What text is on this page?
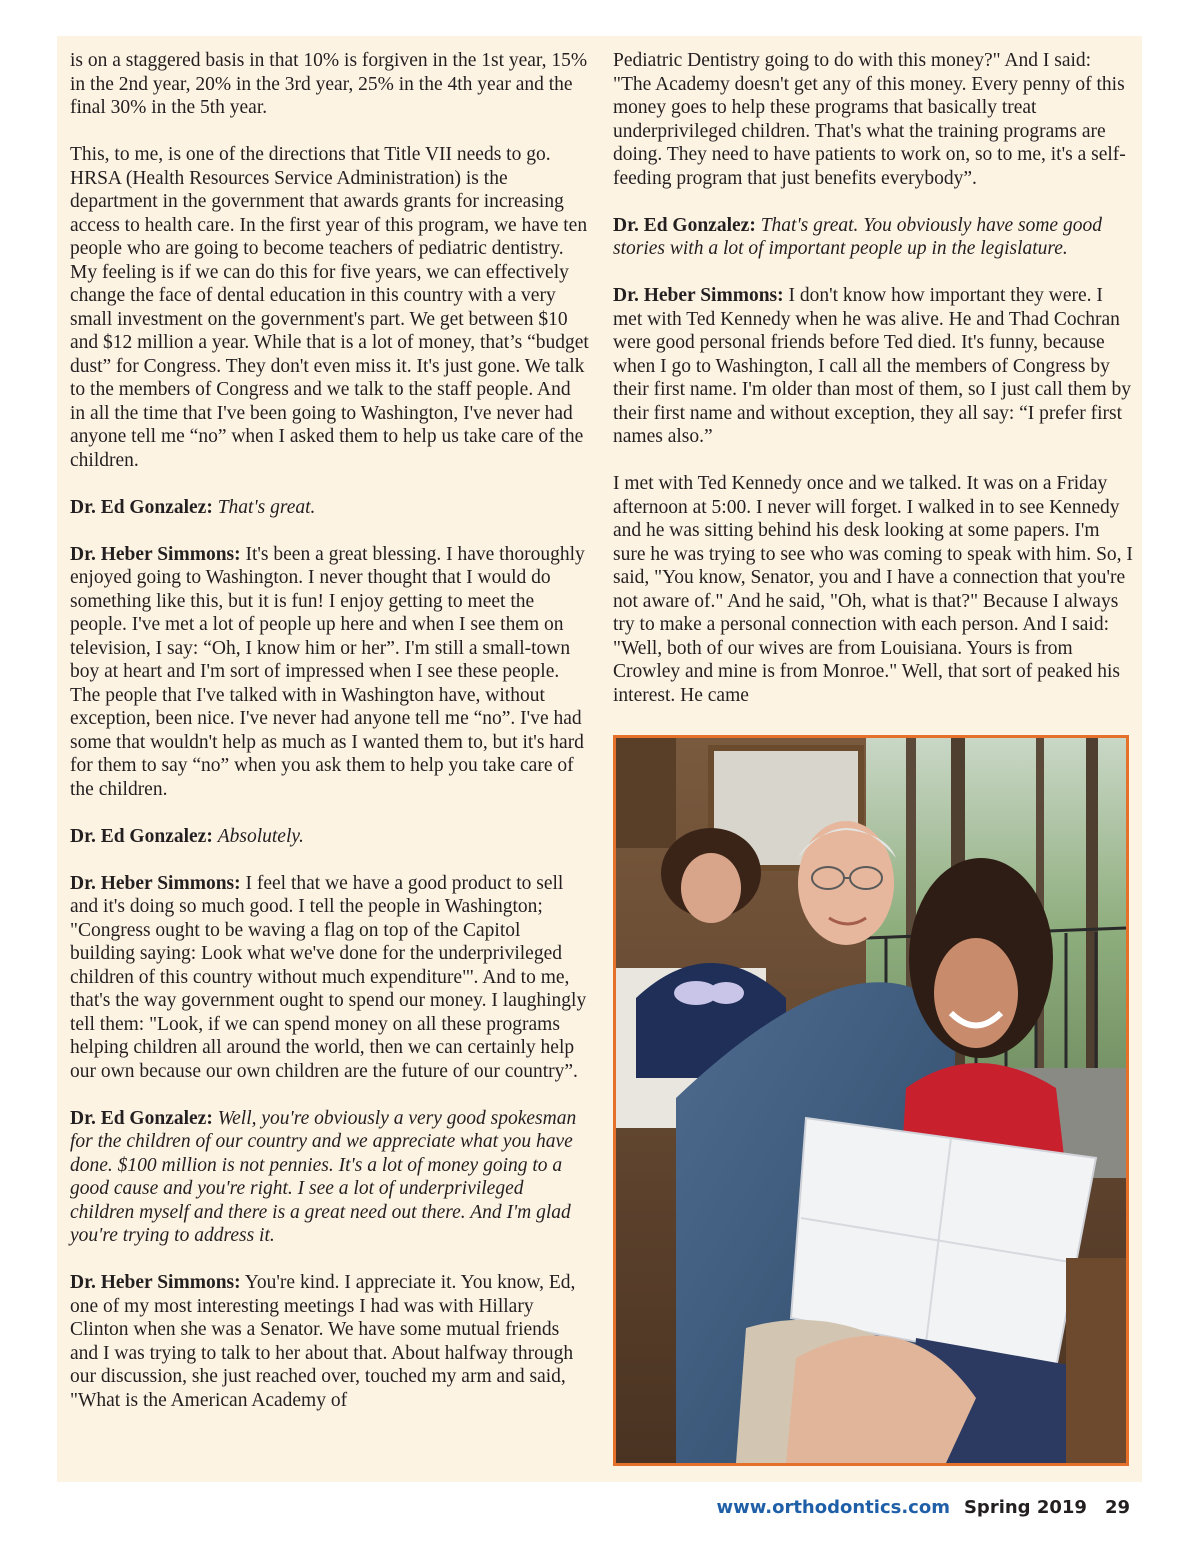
is on a staggered basis in that 10% is forgiven in the 1st year, 15% in the 2nd year, 20% in the 3rd year, 25% in the 4th year and the final 30% in the 5th year.

This, to me, is one of the directions that Title VII needs to go. HRSA (Health Resources Service Administration) is the department in the government that awards grants for increasing access to health care. In the first year of this program, we have ten people who are going to become teachers of pediatric dentistry. My feeling is if we can do this for five years, we can effectively change the face of dental education in this country with a very small investment on the government's part. We get between $10 and $12 million a year. While that is a lot of money, that’s “budget dust” for Congress. They don't even miss it. It's just gone. We talk to the members of Congress and we talk to the staff people. And in all the time that I've been going to Washington, I've never had anyone tell me “no” when I asked them to help us take care of the children.

Dr. Ed Gonzalez: That's great.

Dr. Heber Simmons: It's been a great blessing. I have thoroughly enjoyed going to Washington. I never thought that I would do something like this, but it is fun! I enjoy getting to meet the people. I've met a lot of people up here and when I see them on television, I say: “Oh, I know him or her”. I'm still a small-town boy at heart and I'm sort of impressed when I see these people. The people that I've talked with in Washington have, without exception, been nice. I've never had anyone tell me “no”. I've had some that wouldn't help as much as I wanted them to, but it's hard for them to say “no” when you ask them to help you take care of the children.

Dr. Ed Gonzalez: Absolutely.

Dr. Heber Simmons: I feel that we have a good product to sell and it's doing so much good. I tell the people in Washington; "Congress ought to be waving a flag on top of the Capitol building saying: Look what we've done for the underprivileged children of this country without much expenditure"'. And to me, that's the way government ought to spend our money. I laughingly tell them: "Look, if we can spend money on all these programs helping children all around the world, then we can certainly help our own because our own children are the future of our country”.

Dr. Ed Gonzalez: Well, you're obviously a very good spokesman for the children of our country and we appreciate what you have done. $100 million is not pennies. It's a lot of money going to a good cause and you're right. I see a lot of underprivileged children myself and there is a great need out there. And I'm glad you're trying to address it.

Dr. Heber Simmons: You're kind. I appreciate it. You know, Ed, one of my most interesting meetings I had was with Hillary Clinton when she was a Senator. We have some mutual friends and I was trying to talk to her about that. About halfway through our discussion, she just reached over, touched my arm and said, "What is the American Academy of

Pediatric Dentistry going to do with this money?" And I said: "The Academy doesn't get any of this money. Every penny of this money goes to help these programs that basically treat underprivileged children. That's what the training programs are doing. They need to have patients to work on, so to me, it's a self-feeding program that just benefits everybody”.

Dr. Ed Gonzalez: That's great. You obviously have some good stories with a lot of important people up in the legislature.

Dr. Heber Simmons: I don't know how important they were. I met with Ted Kennedy when he was alive. He and Thad Cochran were good personal friends before Ted died. It's funny, because when I go to Washington, I call all the members of Congress by their first name. I'm older than most of them, so I just call them by their first name and without exception, they all say: “I prefer first names also.”

I met with Ted Kennedy once and we talked. It was on a Friday afternoon at 5:00. I never will forget. I walked in to see Kennedy and he was sitting behind his desk looking at some papers. I'm sure he was trying to see who was coming to speak with him. So, I said, "You know, Senator, you and I have a connection that you're not aware of." And he said, "Oh, what is that?" Because I always try to make a personal connection with each person. And I said: "Well, both of our wives are from Louisiana. Yours is from Crowley and mine is from Monroe." Well, that sort of peaked his interest. He came

www.orthodontics.com Spring 2019 29
